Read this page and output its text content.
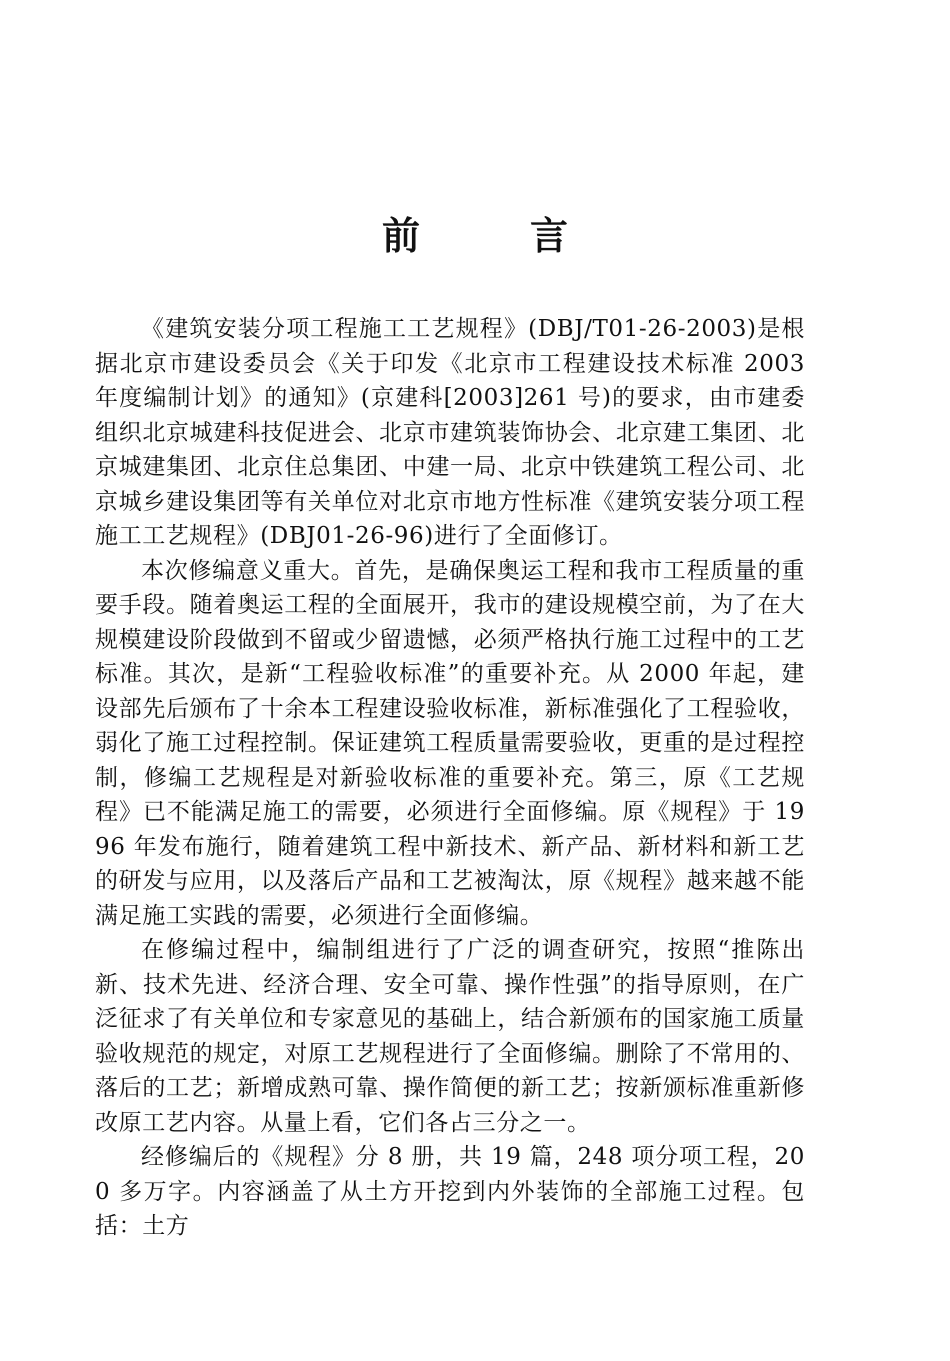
前　言

《建筑安装分项工程施工工艺规程》(DBJ/T01-26-2003)是根据北京市建设委员会《关于印发《北京市工程建设技术标准 2003 年度编制计划》的通知》(京建科[2003]261 号)的要求，由市建委组织北京城建科技促进会、北京市建筑装饰协会、北京建工集团、北京城建集团、北京住总集团、中建一局、北京中铁建筑工程公司、北京城乡建设集团等有关单位对北京市地方性标准《建筑安装分项工程施工工艺规程》(DBJ01-26-96)进行了全面修订。

本次修编意义重大。首先，是确保奥运工程和我市工程质量的重要手段。随着奥运工程的全面展开，我市的建设规模空前，为了在大规模建设阶段做到不留或少留遗憾，必须严格执行施工过程中的工艺标准。其次，是新“工程验收标准”的重要补充。从 2000 年起，建设部先后颁布了十余本工程建设验收标准，新标准强化了工程验收，弱化了施工过程控制。保证建筑工程质量需要验收，更重的是过程控制，修编工艺规程是对新验收标准的重要补充。第三，原《工艺规程》已不能满足施工的需要，必须进行全面修编。原《规程》于 1996 年发布施行，随着建筑工程中新技术、新产品、新材料和新工艺的研发与应用，以及落后产品和工艺被淘汰，原《规程》越来越不能满足施工实践的需要，必须进行全面修编。

在修编过程中，编制组进行了广泛的调查研究，按照“推陈出新、技术先进、经济合理、安全可靠、操作性强”的指导原则，在广泛征求了有关单位和专家意见的基础上，结合新颁布的国家施工质量验收规范的规定，对原工艺规程进行了全面修编。删除了不常用的、落后的工艺；新增成熟可靠、操作简便的新工艺；按新颁标准重新修改原工艺内容。从量上看，它们各占三分之一。

经修编后的《规程》分 8 册，共 19 篇，248 项分项工程，200 多万字。内容涵盖了从土方开挖到内外装饰的全部施工过程。包括：土方
